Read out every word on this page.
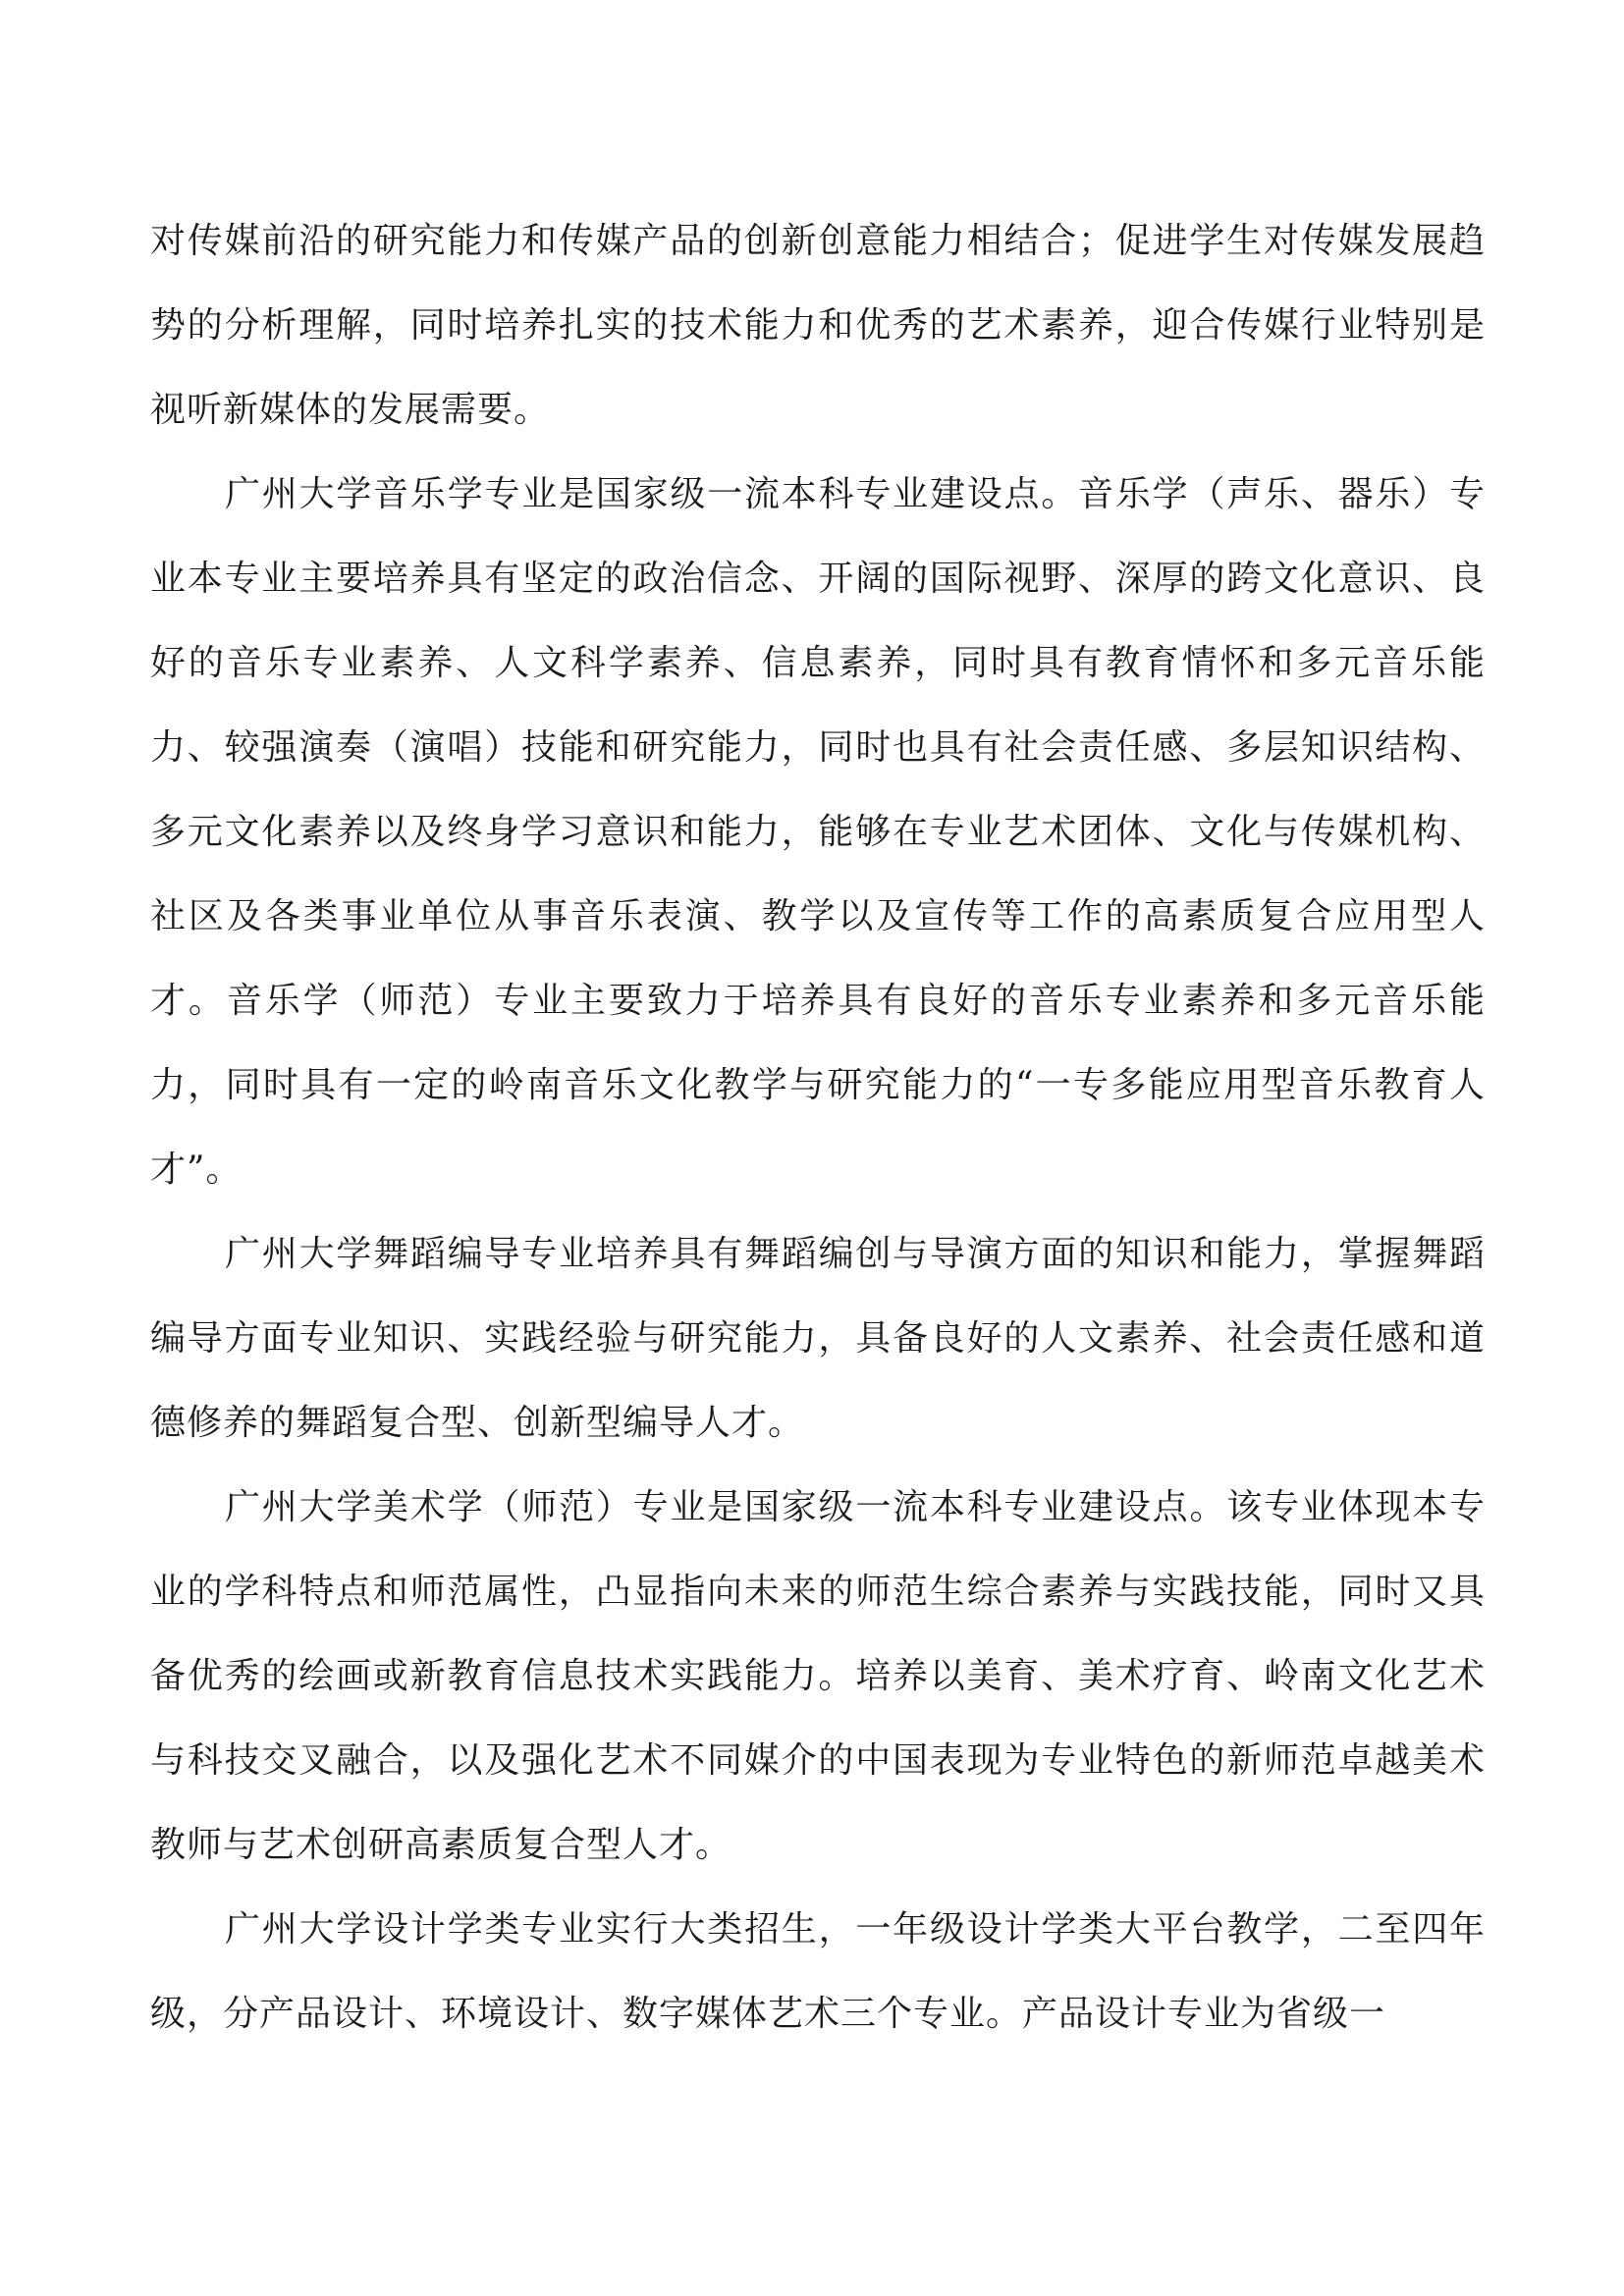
对传媒前沿的研究能力和传媒产品的创新创意能力相结合；促进学生对传媒发展趋势的分析理解，同时培养扎实的技术能力和优秀的艺术素养，迎合传媒行业特别是视听新媒体的发展需要。

广州大学音乐学专业是国家级一流本科专业建设点。音乐学（声乐、器乐）专业本专业主要培养具有坚定的政治信念、开阔的国际视野、深厚的跨文化意识、良好的音乐专业素养、人文科学素养、信息素养，同时具有教育情怀和多元音乐能力、较强演奏（演唱）技能和研究能力，同时也具有社会责任感、多层知识结构、多元文化素养以及终身学习意识和能力，能够在专业艺术团体、文化与传媒机构、社区及各类事业单位从事音乐表演、教学以及宣传等工作的高素质复合应用型人才。音乐学（师范）专业主要致力于培养具有良好的音乐专业素养和多元音乐能力，同时具有一定的岭南音乐文化教学与研究能力的“一专多能应用型音乐教育人才”。

广州大学舞蹈编导专业培养具有舞蹈编创与导演方面的知识和能力，掌握舞蹈编导方面专业知识、实践经验与研究能力，具备良好的人文素养、社会责任感和道德修养的舞蹈复合型、创新型编导人才。

广州大学美术学（师范）专业是国家级一流本科专业建设点。该专业体现本专业的学科特点和师范属性，凸显指向未来的师范生综合素养与实践技能，同时又具备优秀的绘画或新教育信息技术实践能力。培养以美育、美术疗育、岭南文化艺术与科技交叉融合，以及强化艺术不同媒介的中国表现为专业特色的新师范卓越美术教师与艺术创研高素质复合型人才。

广州大学设计学类专业实行大类招生，一年级设计学类大平台教学，二至四年级，分产品设计、环境设计、数字媒体艺术三个专业。产品设计专业为省级一
